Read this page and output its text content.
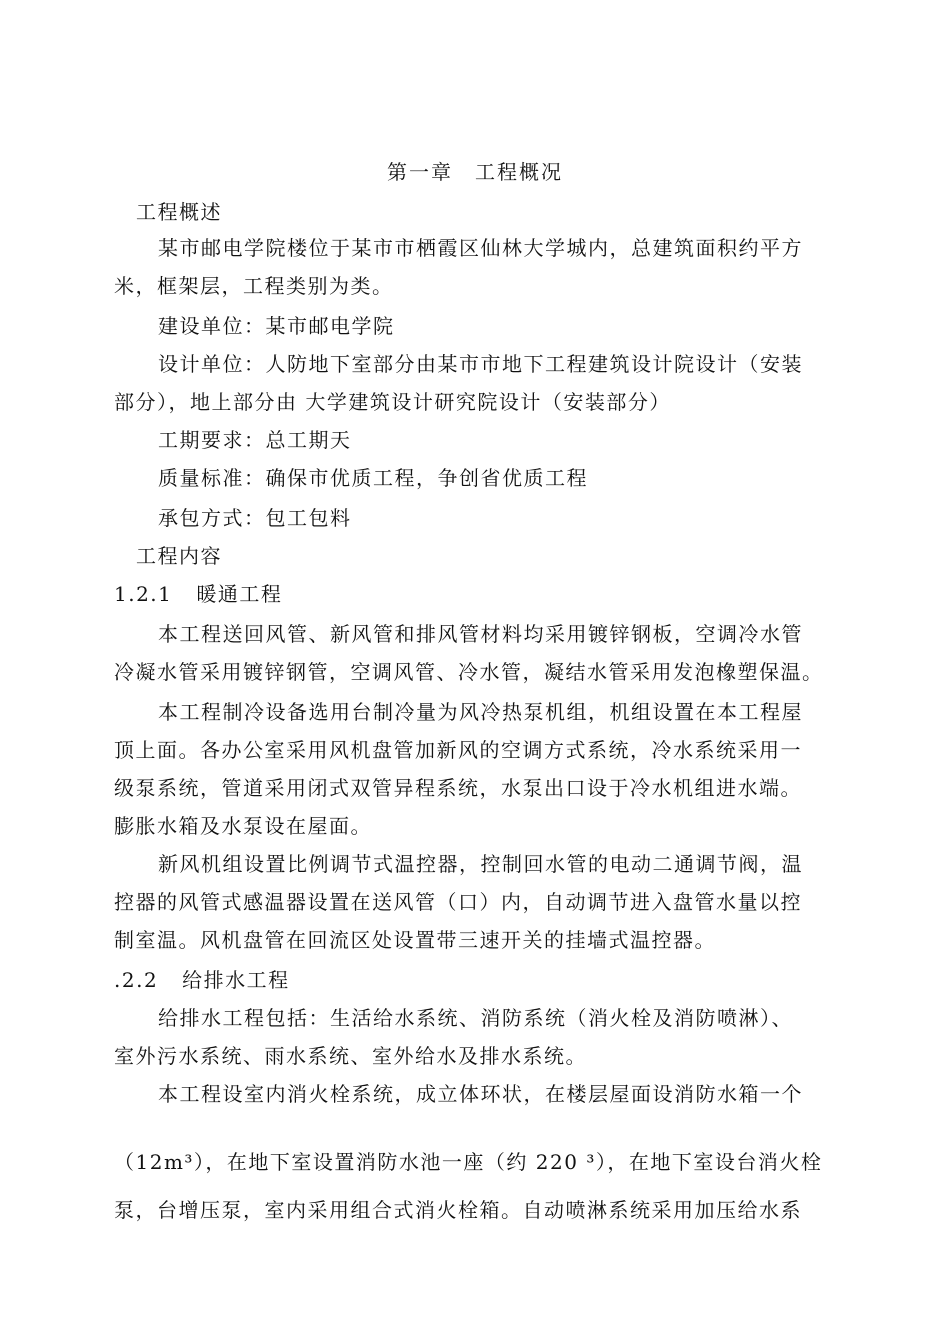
第一章　工程概况
工程概述
某市邮电学院楼位于某市市栖霞区仙林大学城内，总建筑面积约平方
米，框架层，工程类别为类。
建设单位：某市邮电学院
设计单位：人防地下室部分由某市市地下工程建筑设计院设计（安装
部分），地上部分由 大学建筑设计研究院设计（安装部分）
工期要求：总工期天
质量标准：确保市优质工程，争创省优质工程
承包方式：包工包料
工程内容
1.2.1 暖通工程
本工程送回风管、新风管和排风管材料均采用镀锌钢板，空调冷水管
冷凝水管采用镀锌钢管，空调风管、冷水管，凝结水管采用发泡橡塑保温。
本工程制冷设备选用台制冷量为风冷热泵机组，机组设置在本工程屋
顶上面。各办公室采用风机盘管加新风的空调方式系统，冷水系统采用一
级泵系统，管道采用闭式双管异程系统，水泵出口设于冷水机组进水端。
膨胀水箱及水泵设在屋面。
新风机组设置比例调节式温控器，控制回水管的电动二通调节阀，温
控器的风管式感温器设置在送风管（口）内，自动调节进入盘管水量以控
制室温。风机盘管在回流区处设置带三速开关的挂墙式温控器。
.2.2 给排水工程
给排水工程包括：生活给水系统、消防系统（消火栓及消防喷淋）、
室外污水系统、雨水系统、室外给水及排水系统。
本工程设室内消火栓系统，成立体环状，在楼层屋面设消防水箱一个
（12m³），在地下室设置消防水池一座（约 220 ³），在地下室设台消火栓
泵，台增压泵，室内采用组合式消火栓箱。自动喷淋系统采用加压给水系
